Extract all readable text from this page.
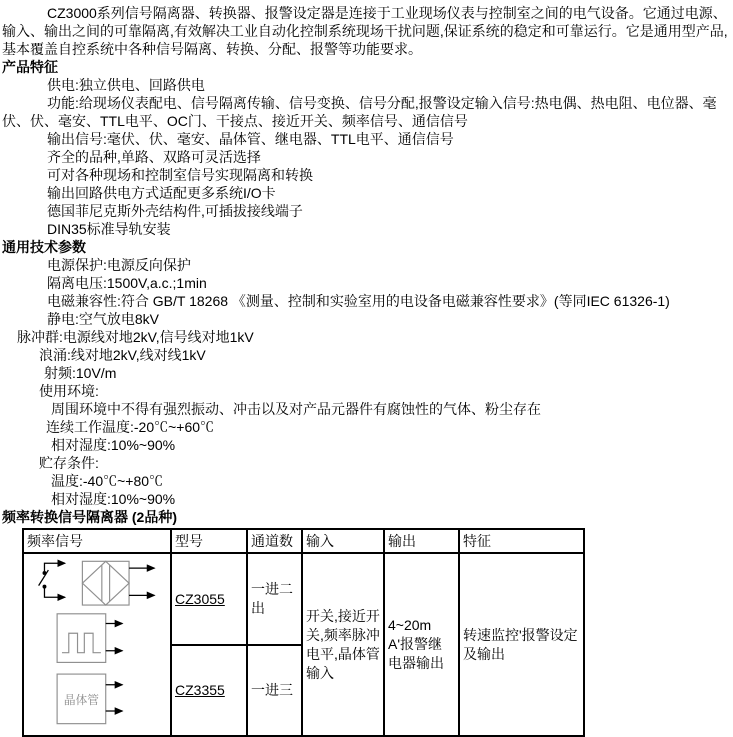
CZ3000系列信号隔离器、转换器、报警设定器是连接于工业现场仪表与控制室之间的电气设备。它通过电源、输入、输出之间的可靠隔离,有效解决工业自动化控制系统现场干扰问题,保证系统的稳定和可靠运行。它是通用型产品,基本覆盖自控系统中各种信号隔离、转换、分配、报警等功能要求。

产品特征

供电:独立供电、回路供电

功能:给现场仪表配电、信号隔离传输、信号变换、信号分配,报警设定输入信号:热电偶、热电阻、电位器、毫伏、伏、毫安、TTL电平、OC门、干接点、接近开关、频率信号、通信信号

输出信号:毫伏、伏、毫安、晶体管、继电器、TTL电平、通信信号

齐全的品种,单路、双路可灵活选择

可对各种现场和控制室信号实现隔离和转换

输出回路供电方式适配更多系统I/O卡

德国菲尼克斯外壳结构件,可插拔接线端子

DIN35标准导轨安装

通用技术参数

电源保护:电源反向保护

隔离电压:1500V,a.c.;1min

电磁兼容性:符合 GB/T 18268 《测量、控制和实验室用的电设备电磁兼容性要求》(等同IEC 61326-1)

静电:空气放电8kV

脉冲群:电源线对地2kV,信号线对地1kV

浪涌:线对地2kV,线对线1kV

射频:10V/m

使用环境:

周围环境中不得有强烈振动、冲击以及对产品元器件有腐蚀性的气体、粉尘存在

连续工作温度:-20℃~+60℃

相对湿度:10%~90%

贮存条件:

温度:-40℃~+80℃

相对湿度:10%~90%

频率转换信号隔离器 (2品种)

频率信号	型号	通道数	输入	输出	特征

晶体管	CZ3055	一进二出	开关,接近开关,频率脉冲电平,晶体管输入	4~20mA'报警继电器输出	转速监控'报警设定及输出
	CZ3355	一进三			
